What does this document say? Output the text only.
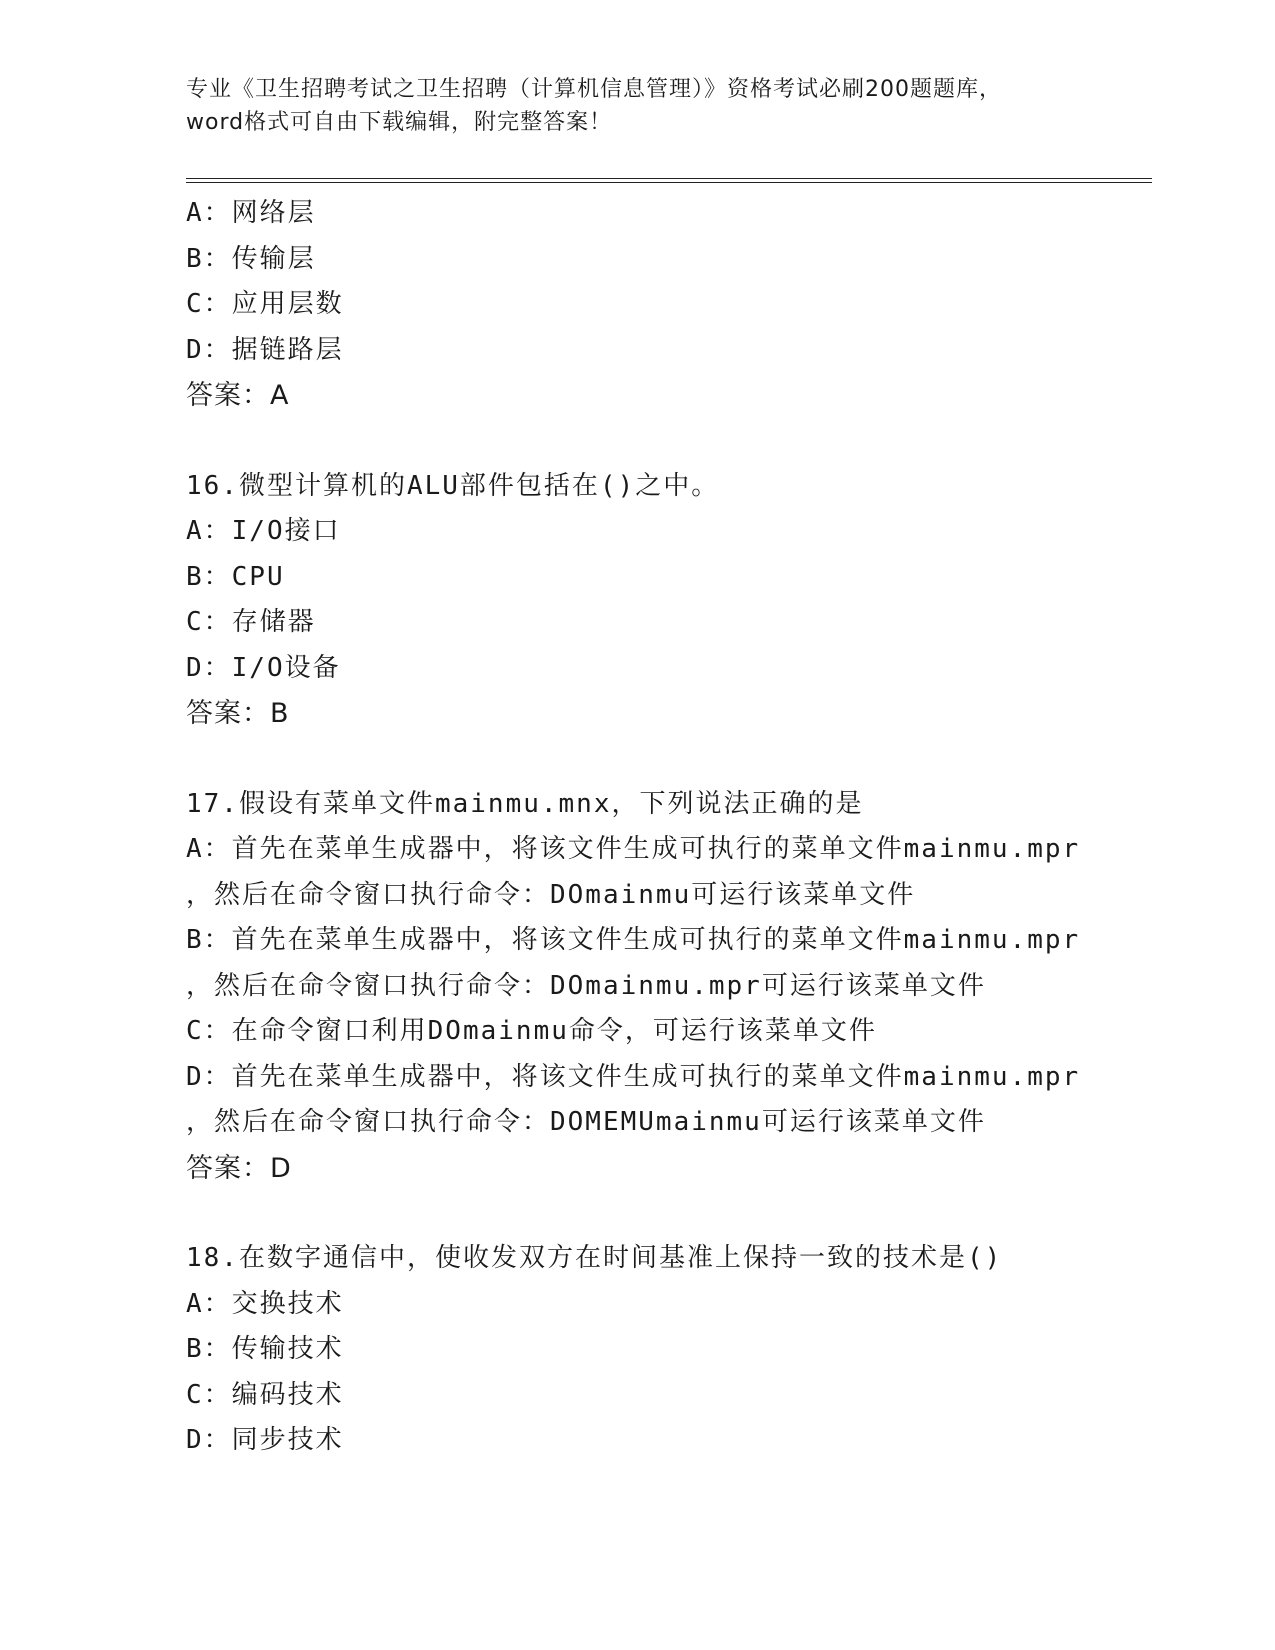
专业《卫生招聘考试之卫生招聘（计算机信息管理）》资格考试必刷200题题库，
word格式可自由下载编辑，附完整答案！
A：网络层
B：传输层
C：应用层数
D：据链路层
答案：A
16.微型计算机的ALU部件包括在()之中。
A：I/O接口
B：CPU
C：存储器
D：I/O设备
答案：B
17.假设有菜单文件mainmu.mnx，下列说法正确的是
A：首先在菜单生成器中，将该文件生成可执行的菜单文件mainmu.mpr
，然后在命令窗口执行命令：DOmainmu可运行该菜单文件
B：首先在菜单生成器中，将该文件生成可执行的菜单文件mainmu.mpr
，然后在命令窗口执行命令：DOmainmu.mpr可运行该菜单文件
C：在命令窗口利用DOmainmu命令，可运行该菜单文件
D：首先在菜单生成器中，将该文件生成可执行的菜单文件mainmu.mpr
，然后在命令窗口执行命令：DOMEMUmainmu可运行该菜单文件
答案：D
18.在数字通信中，使收发双方在时间基准上保持一致的技术是()
A：交换技术
B：传输技术
C：编码技术
D：同步技术
